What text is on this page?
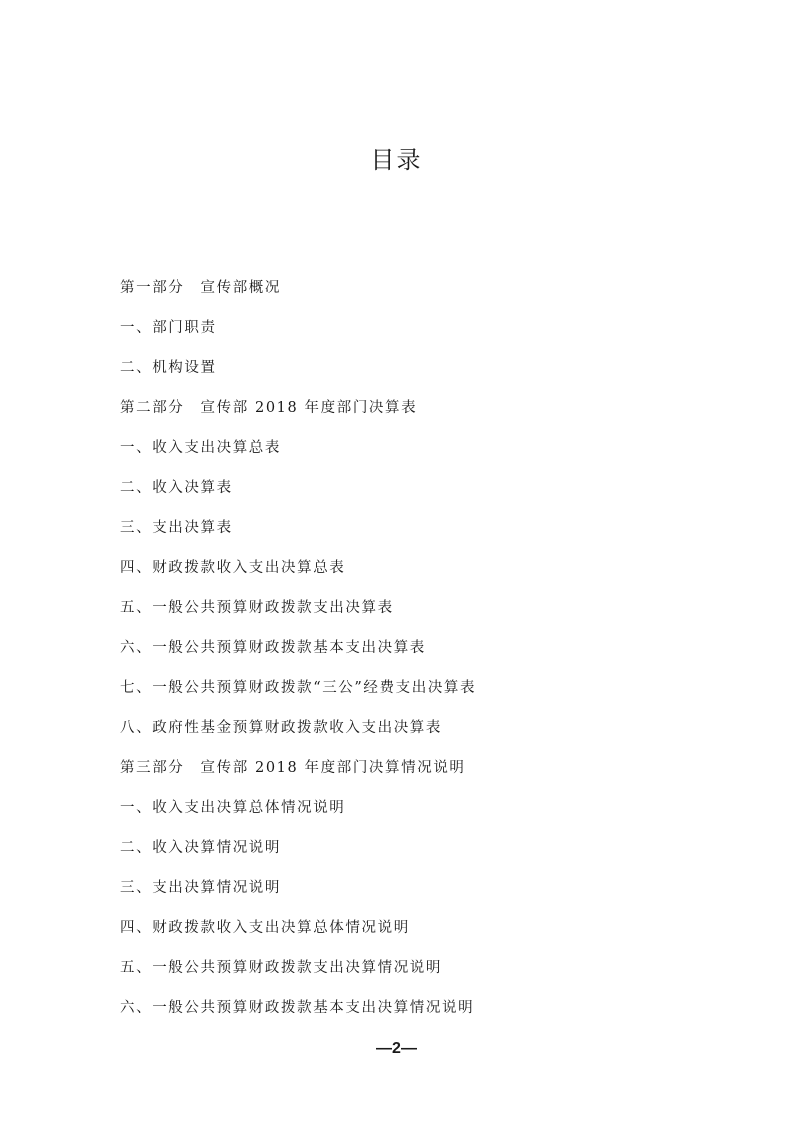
目录
第一部分　宣传部概况
一、部门职责
二、机构设置
第二部分　宣传部 2018 年度部门决算表
一、收入支出决算总表
二、收入决算表
三、支出决算表
四、财政拨款收入支出决算总表
五、一般公共预算财政拨款支出决算表
六、一般公共预算财政拨款基本支出决算表
七、一般公共预算财政拨款“三公”经费支出决算表
八、政府性基金预算财政拨款收入支出决算表
第三部分　宣传部 2018 年度部门决算情况说明
一、收入支出决算总体情况说明
二、收入决算情况说明
三、支出决算情况说明
四、财政拨款收入支出决算总体情况说明
五、一般公共预算财政拨款支出决算情况说明
六、一般公共预算财政拨款基本支出决算情况说明
—2—
